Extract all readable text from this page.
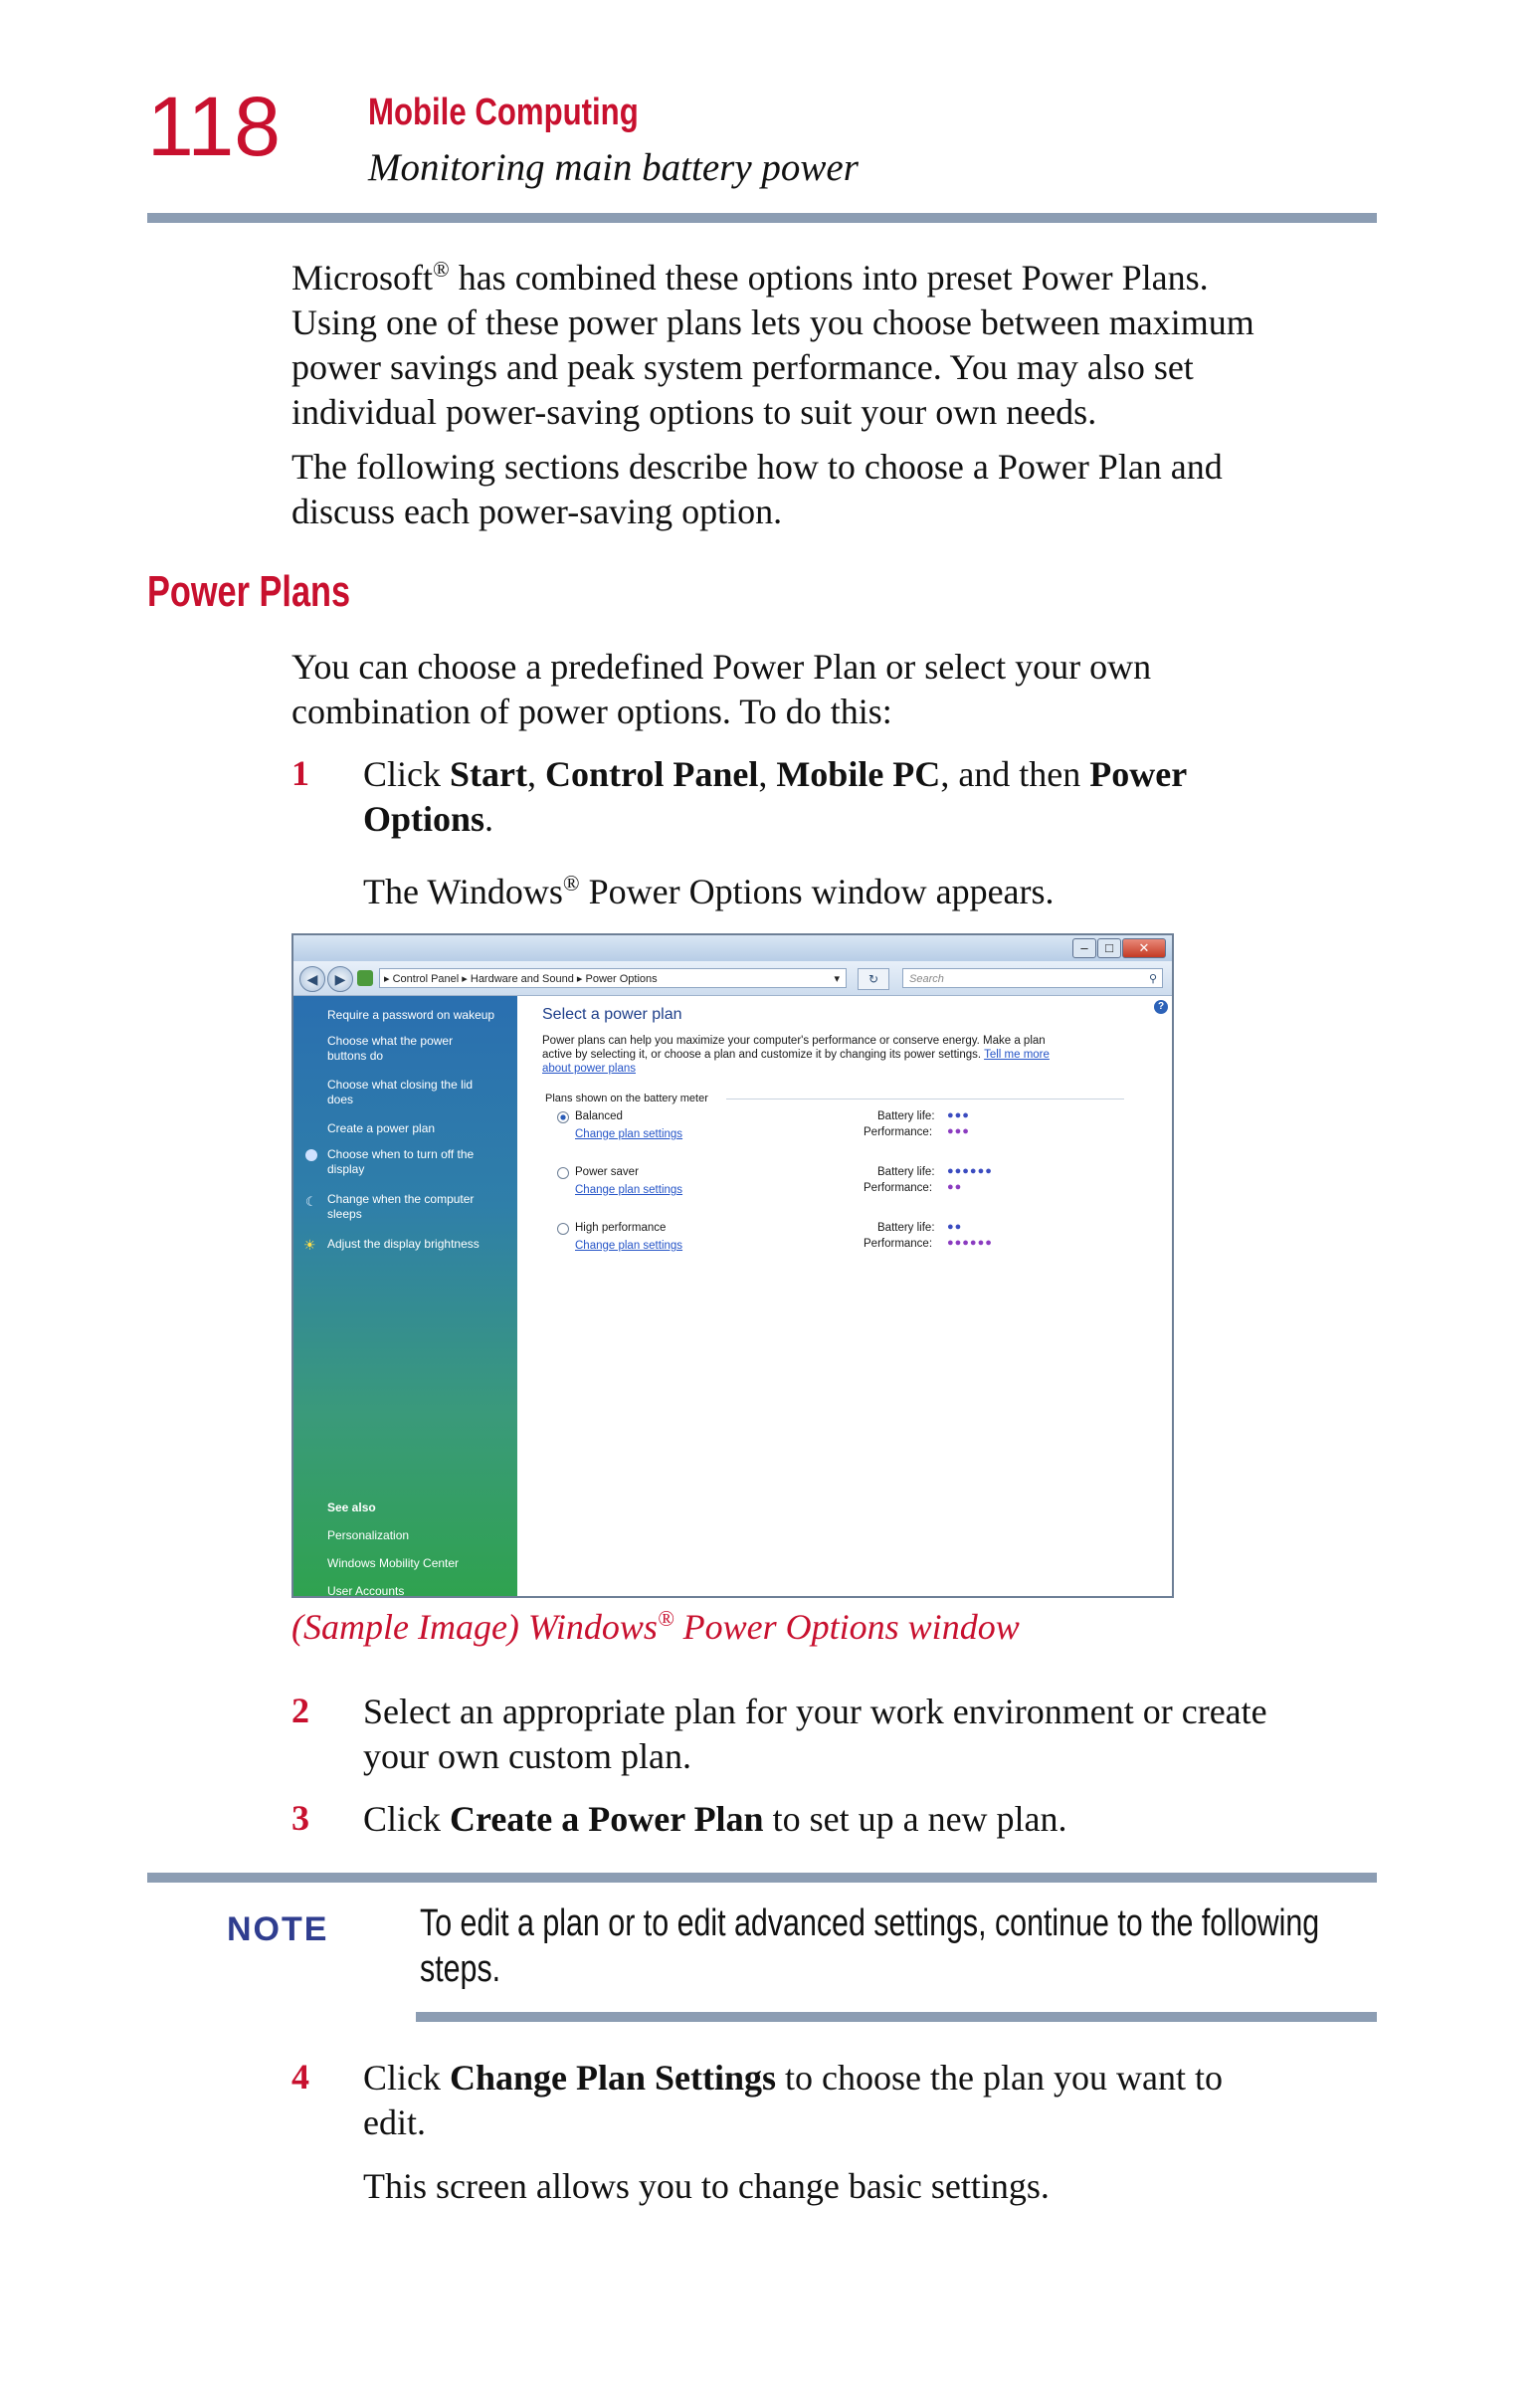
118 Mobile Computing
Monitoring main battery power
Microsoft® has combined these options into preset Power Plans.
Using one of these power plans lets you choose between maximum
power savings and peak system performance. You may also set
individual power-saving options to suit your own needs.
The following sections describe how to choose a Power Plan and
discuss each power-saving option.
Power Plans
You can choose a predefined Power Plan or select your own
combination of power options. To do this:
1 Click Start, Control Panel, Mobile PC, and then Power
Options.
The Windows® Power Options window appears.
–	□	✕
◀	▶	▸ Control Panel ▸ Hardware and Sound ▸ Power Options	▾	↻	Search	⚲
Require a password on wakeup
Choose what the power
buttons do
Choose what closing the lid
does
Create a power plan
Choose when to turn off the
display
☾ Change when the computer
sleeps
☀ Adjust the display brightness
See also
Personalization
Windows Mobility Center
User Accounts
?
Select a power plan
Power plans can help you maximize your computer's performance or conserve energy. Make a plan
active by selecting it, or choose a plan and customize it by changing its power settings. Tell me more
about power plans
Plans shown on the battery meter
Balanced
Change plan settings
Battery life: ●●●
Performance: ●●●
Power saver
Change plan settings
Battery life: ●●●●●●
Performance: ●●
High performance
Change plan settings
Battery life: ●●
Performance: ●●●●●●
(Sample Image) Windows® Power Options window
2 Select an appropriate plan for your work environment or create
your own custom plan.
3 Click Create a Power Plan to set up a new plan.
NOTE To edit a plan or to edit advanced settings, continue to the following
steps.
4 Click Change Plan Settings to choose the plan you want to
edit.
This screen allows you to change basic settings.
